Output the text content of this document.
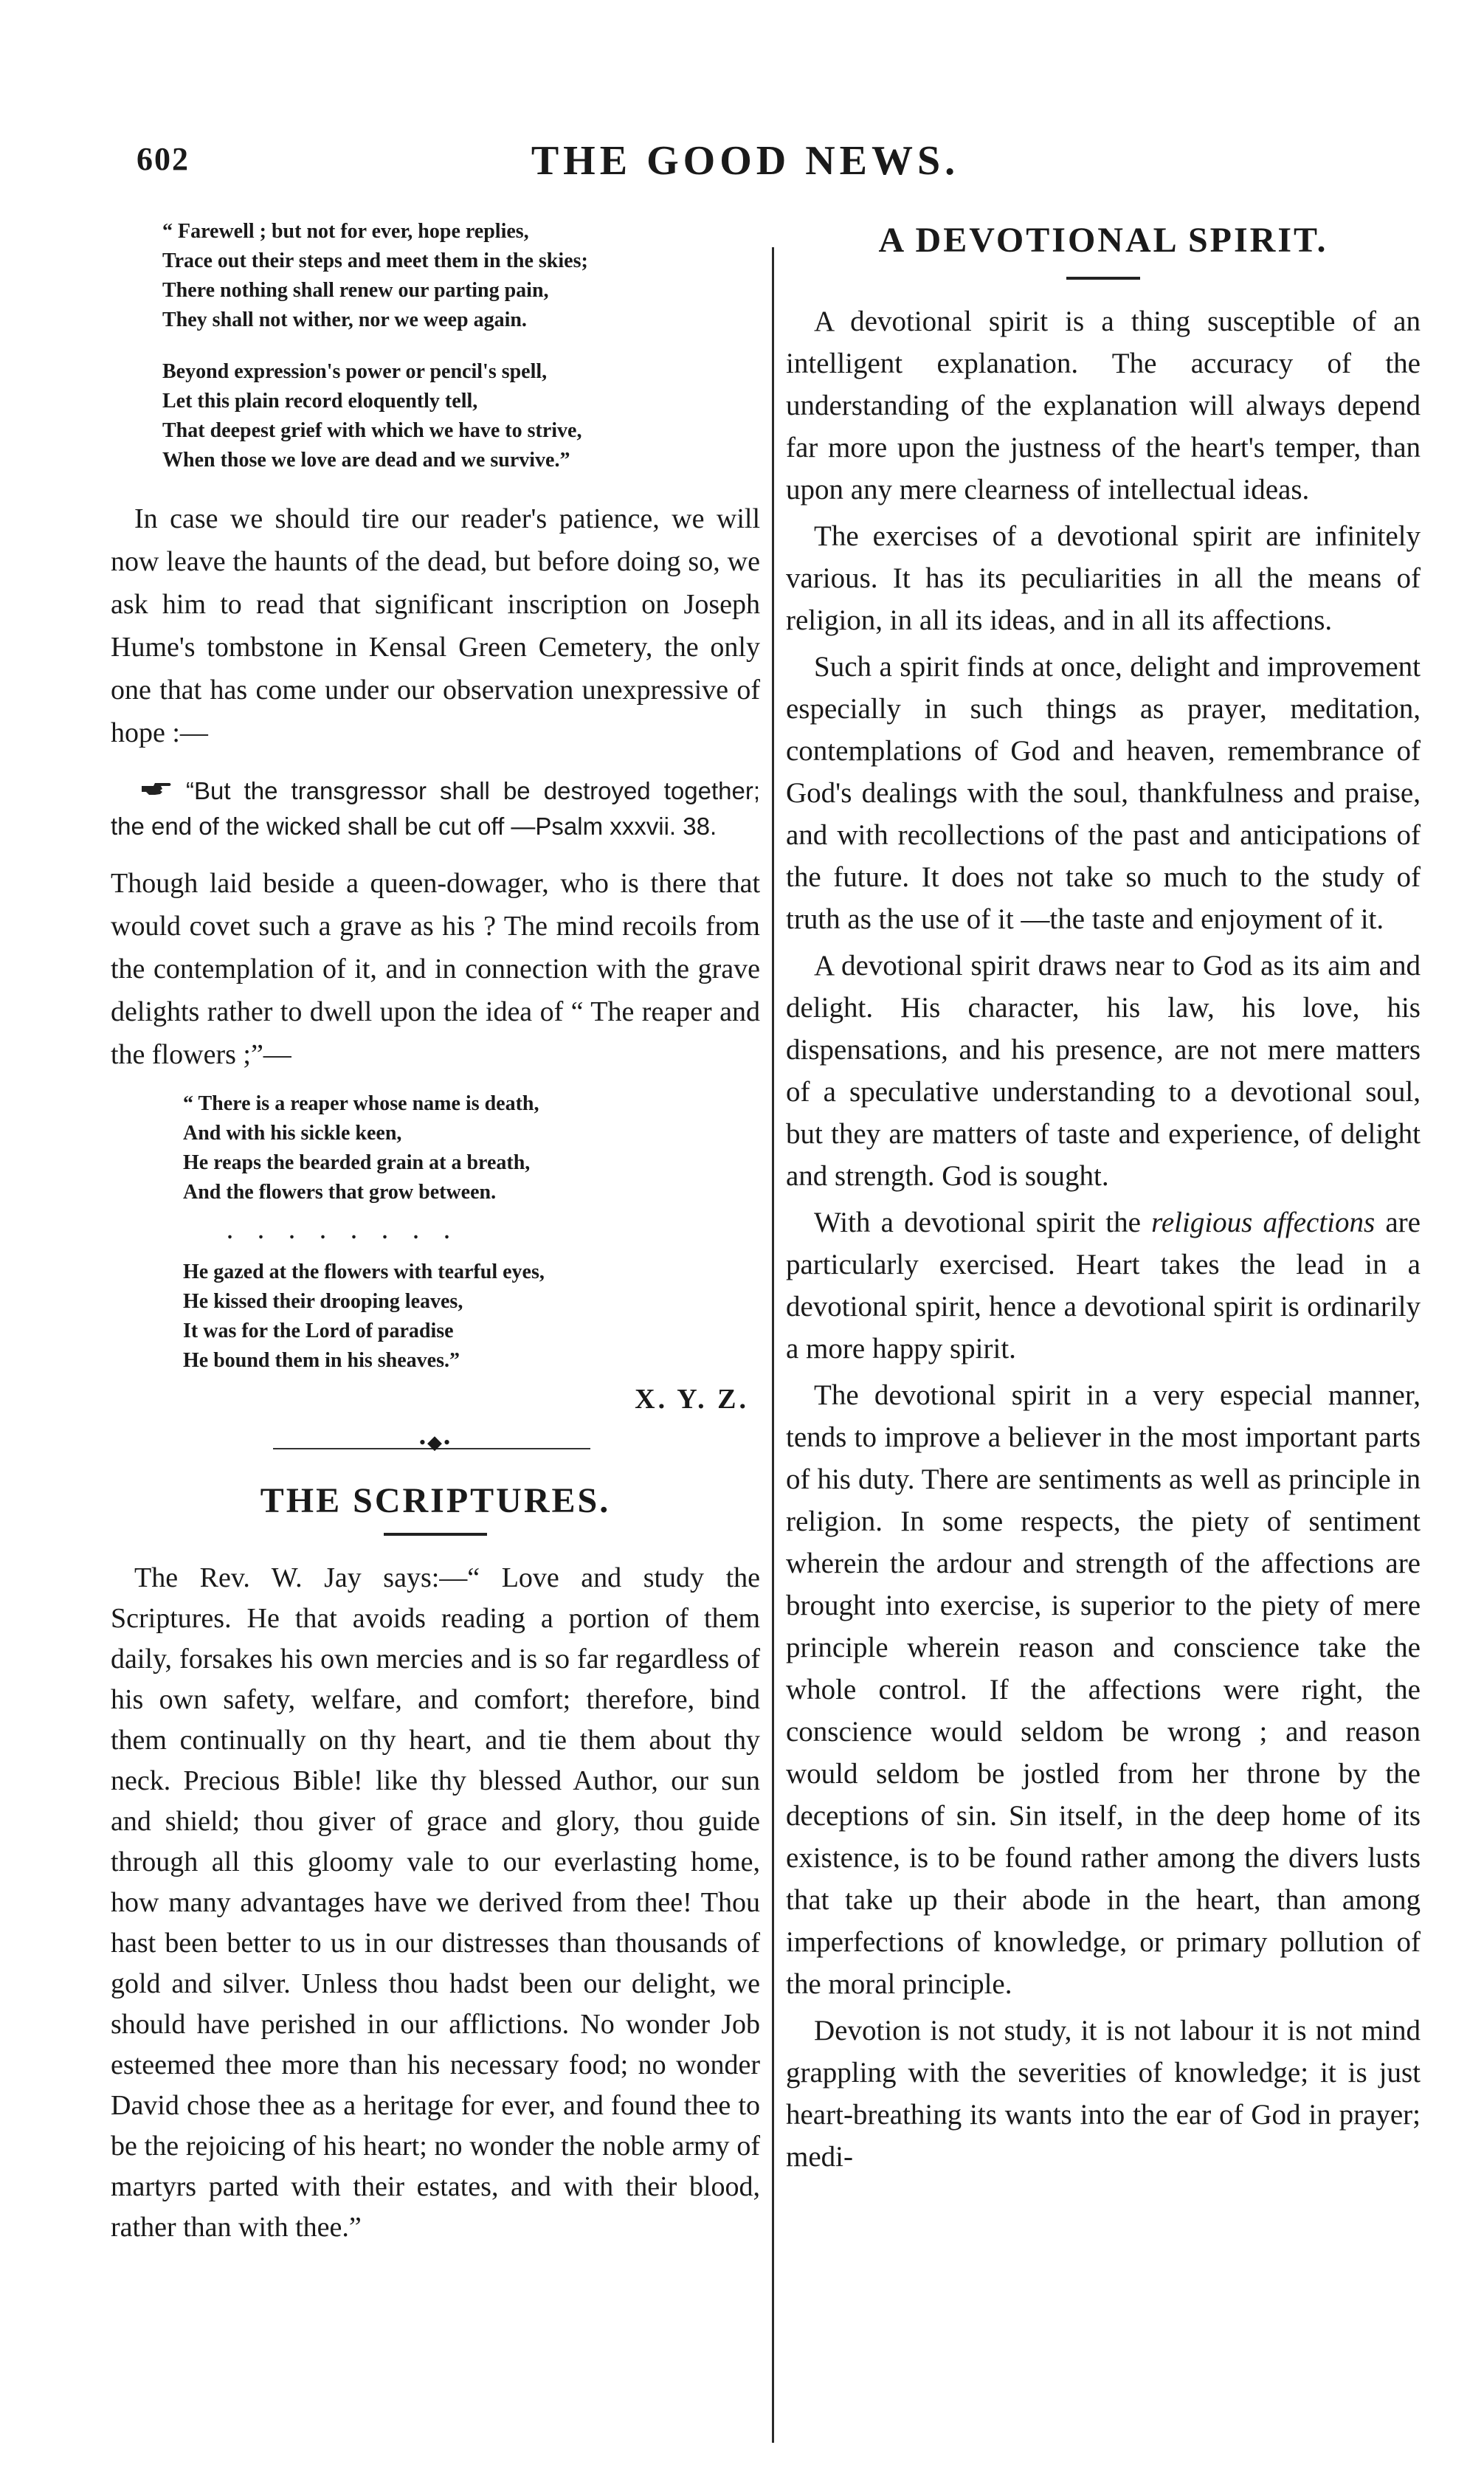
602	THE GOOD NEWS.
“ Farewell ; but not for ever, hope replies,
Trace out their steps and meet them in the skies;
There nothing shall renew our parting pain,
They shall not wither, nor we weep again.
Beyond expression's power or pencil's spell,
Let this plain record eloquently tell,
That deepest grief with which we have to strive,
When those we love are dead and we survive.”

In case we should tire our reader's patience, we will now leave the haunts of the dead, but before doing so, we ask him to read that significant inscription on Joseph Hume's tombstone in Kensal Green Cemetery, the only one that has come under our observation unexpressive of hope :—

“But the transgressor shall be destroyed together; the end of the wicked shall be cut off —Psalm xxxvii. 38.

Though laid beside a queen-dowager, who is there that would covet such a grave as his ? The mind recoils from the contemplation of it, and in connection with the grave delights rather to dwell upon the idea of “ The reaper and the flowers ;”—

“ There is a reaper whose name is death,
And with his sickle keen,
He reaps the bearded grain at a breath,
And the flowers that grow between.
. . . . . . . .
He gazed at the flowers with tearful eyes,
He kissed their drooping leaves,
It was for the Lord of paradise
He bound them in his sheaves.”
X. Y. Z.
•◆•
THE SCRIPTURES.

The Rev. W. Jay says:—“ Love and study the Scriptures. He that avoids reading a portion of them daily, forsakes his own mercies and is so far regardless of his own safety, welfare, and comfort; therefore, bind them continually on thy heart, and tie them about thy neck. Precious Bible! like thy blessed Author, our sun and shield; thou giver of grace and glory, thou guide through all this gloomy vale to our everlasting home, how many advantages have we derived from thee! Thou hast been better to us in our distresses than thousands of gold and silver. Unless thou hadst been our delight, we should have perished in our afflictions. No wonder Job esteemed thee more than his necessary food; no wonder David chose thee as a heritage for ever, and found thee to be the rejoicing of his heart; no wonder the noble army of martyrs parted with their estates, and with their blood, rather than with thee.”

A DEVOTIONAL SPIRIT.

A devotional spirit is a thing susceptible of an intelligent explanation. The accuracy of the understanding of the explanation will always depend far more upon the justness of the heart's temper, than upon any mere clearness of intellectual ideas.

The exercises of a devotional spirit are infinitely various. It has its peculiarities in all the means of religion, in all its ideas, and in all its affections.

Such a spirit finds at once, delight and improvement especially in such things as prayer, meditation, contemplations of God and heaven, remembrance of God's dealings with the soul, thankfulness and praise, and with recollections of the past and anticipations of the future. It does not take so much to the study of truth as the use of it —the taste and enjoyment of it.

A devotional spirit draws near to God as its aim and delight. His character, his law, his love, his dispensations, and his presence, are not mere matters of a speculative understanding to a devotional soul, but they are matters of taste and experience, of delight and strength. God is sought.

With a devotional spirit the religious affections are particularly exercised. Heart takes the lead in a devotional spirit, hence a devotional spirit is ordinarily a more happy spirit.

The devotional spirit in a very especial manner, tends to improve a believer in the most important parts of his duty. There are sentiments as well as principle in religion. In some respects, the piety of sentiment wherein the ardour and strength of the affections are brought into exercise, is superior to the piety of mere principle wherein reason and conscience take the whole control. If the affections were right, the conscience would seldom be wrong ; and reason would seldom be jostled from her throne by the deceptions of sin. Sin itself, in the deep home of its existence, is to be found rather among the divers lusts that take up their abode in the heart, than among imperfections of knowledge, or primary pollution of the moral principle.

Devotion is not study, it is not labour it is not mind grappling with the severities of knowledge; it is just heart-breathing its wants into the ear of God in prayer; medi-
